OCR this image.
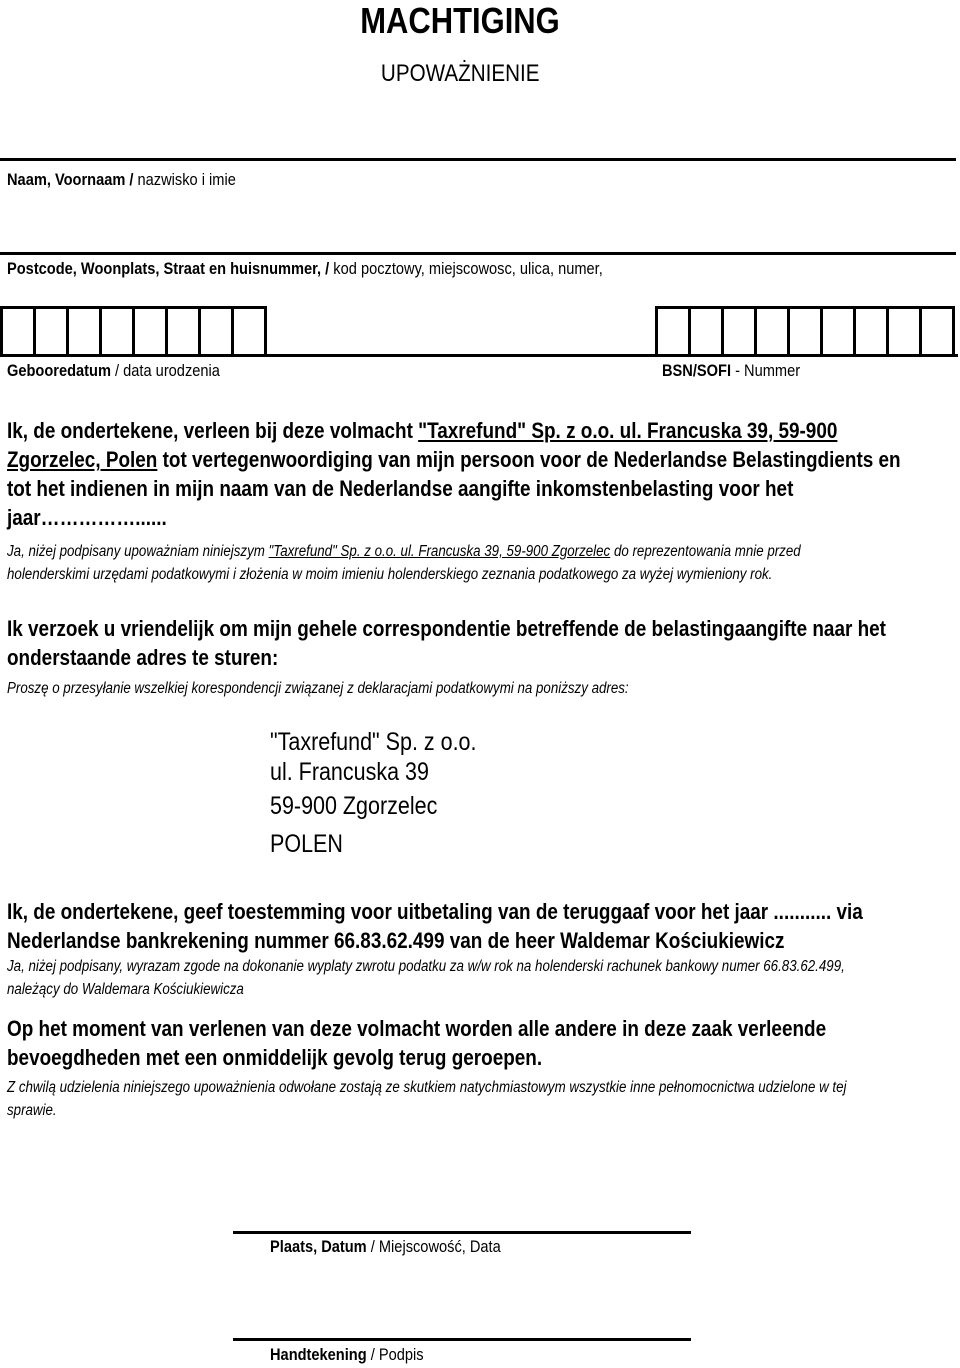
MACHTIGING
UPOWAŻNIENIE
Naam, Voornaam / nazwisko i imie
Postcode, Woonplats, Straat en huisnummer, / kod pocztowy, miejscowosc, ulica, numer,
Gebooredatum / data urodzenia	BSN/SOFI - Nummer
Ik, de ondertekene, verleen bij deze volmacht "Taxrefund" Sp. z o.o. ul. Francuska 39, 59-900
Zgorzelec, Polen tot vertegenwoordiging van mijn persoon voor de Nederlandse Belastingdients en
tot het indienen in mijn naam van de Nederlandse aangifte inkomstenbelasting voor het
jaar……………......
Ja, niżej podpisany upoważniam niniejszym "Taxrefund" Sp. z o.o. ul. Francuska 39, 59-900 Zgorzelec do reprezentowania mnie przed
holenderskimi urzędami podatkowymi i złożenia w moim imieniu holenderskiego zeznania podatkowego za wyżej wymieniony rok.
Ik verzoek u vriendelijk om mijn gehele correspondentie betreffende de belastingaangifte naar het
onderstaande adres te sturen:
Proszę o przesyłanie wszelkiej korespondencji związanej z deklaracjami podatkowymi na poniższy adres:
"Taxrefund" Sp. z o.o.
ul. Francuska 39
59-900 Zgorzelec
POLEN
Ik, de ondertekene, geef toestemming voor uitbetaling van de teruggaaf voor het jaar ........... via
Nederlandse bankrekening nummer 66.83.62.499 van de heer Waldemar Kościukiewicz
Ja, niżej podpisany, wyrazam zgode na dokonanie wyplaty zwrotu podatku za w/w rok na holenderski rachunek bankowy numer 66.83.62.499,
należący do Waldemara Kościukiewicza
Op het moment van verlenen van deze volmacht worden alle andere in deze zaak verleende
bevoegdheden met een onmiddelijk gevolg terug geroepen.
Z chwilą udzielenia niniejszego upoważnienia odwołane zostają ze skutkiem natychmiastowym wszystkie inne pełnomocnictwa udzielone w tej
sprawie.
Plaats, Datum / Miejscowość, Data
Handtekening / Podpis
